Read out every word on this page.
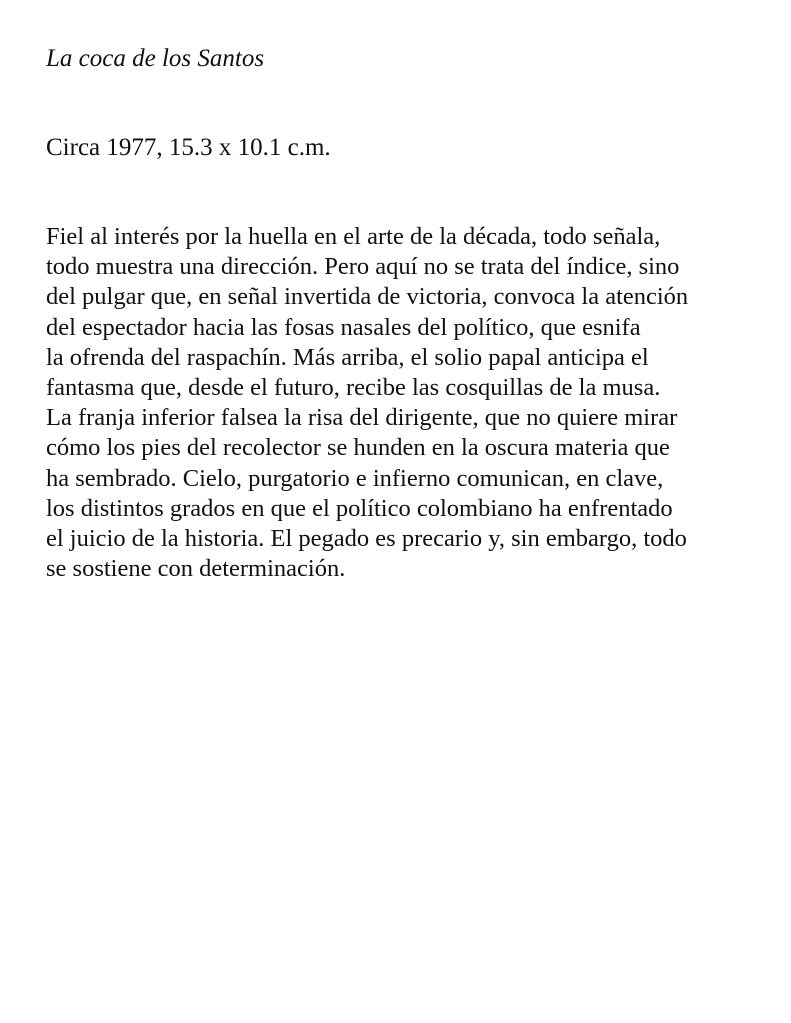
La coca de los Santos
Circa 1977, 15.3 x 10.1 c.m.

Fiel al interés por la huella en el arte de la década, todo señala,
todo muestra una dirección. Pero aquí no se trata del índice, sino
del pulgar que, en señal invertida de victoria, convoca la atención
del espectador hacia las fosas nasales del político, que esnifa
la ofrenda del raspachín. Más arriba, el solio papal anticipa el
fantasma que, desde el futuro, recibe las cosquillas de la musa.
La franja inferior falsea la risa del dirigente, que no quiere mirar
cómo los pies del recolector se hunden en la oscura materia que
ha sembrado. Cielo, purgatorio e infierno comunican, en clave,
los distintos grados en que el político colombiano ha enfrentado
el juicio de la historia. El pegado es precario y, sin embargo, todo
se sostiene con determinación.
